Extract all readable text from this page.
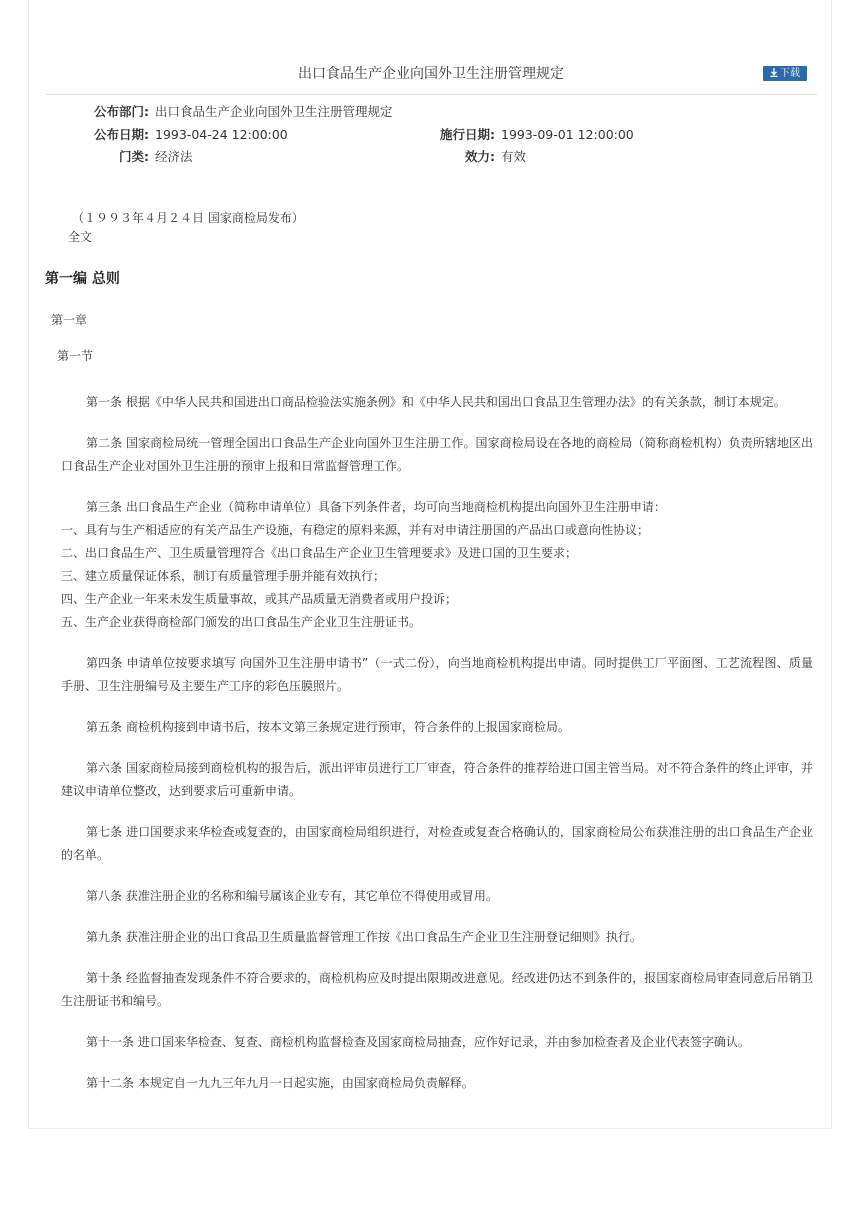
出口食品生产企业向国外卫生注册管理规定	下载
公布部门: 出口食品生产企业向国外卫生注册管理规定
公布日期: 1993-04-24 12:00:00	施行日期: 1993-09-01 12:00:00
门类: 经济法	效力: 有效
（１９９３年４月２４日 国家商检局发布）
全文
第一编 总则
第一章
第一节
第一条 根据《中华人民共和国进出口商品检验法实施条例》和《中华人民共和国出口食品卫生管理办法》的有关条款，制订本规定。
第二条 国家商检局统一管理全国出口食品生产企业向国外卫生注册工作。国家商检局设在各地的商检局（简称商检机构）负责所辖地区出口食品生产企业对国外卫生注册的预审上报和日常监督管理工作。
第三条 出口食品生产企业（简称申请单位）具备下列条件者，均可向当地商检机构提出向国外卫生注册申请：
一、具有与生产相适应的有关产品生产设施，有稳定的原料来源，并有对申请注册国的产品出口或意向性协议；
二、出口食品生产、卫生质量管理符合《出口食品生产企业卫生管理要求》及进口国的卫生要求；
三、建立质量保证体系，制订有质量管理手册并能有效执行；
四、生产企业一年来未发生质量事故，或其产品质量无消费者或用户投诉；
五、生产企业获得商检部门颁发的出口食品生产企业卫生注册证书。
第四条 申请单位按要求填写 向国外卫生注册申请书”（一式二份），向当地商检机构提出申请。同时提供工厂平面图、工艺流程图、质量手册、卫生注册编号及主要生产工序的彩色压膜照片。
第五条 商检机构接到申请书后，按本文第三条规定进行预审，符合条件的上报国家商检局。
第六条 国家商检局接到商检机构的报告后，派出评审员进行工厂审查，符合条件的推荐给进口国主管当局。对不符合条件的终止评审，并建议申请单位整改，达到要求后可重新申请。
第七条 进口国要求来华检查或复查的，由国家商检局组织进行，对检查或复查合格确认的，国家商检局公布获准注册的出口食品生产企业的名单。
第八条 获准注册企业的名称和编号属该企业专有，其它单位不得使用或冒用。
第九条 获准注册企业的出口食品卫生质量监督管理工作按《出口食品生产企业卫生注册登记细则》执行。
第十条 经监督抽查发现条件不符合要求的，商检机构应及时提出限期改进意见。经改进仍达不到条件的，报国家商检局审查同意后吊销卫生注册证书和编号。
第十一条 进口国来华检查、复查、商检机构监督检查及国家商检局抽查，应作好记录，并由参加检查者及企业代表签字确认。
第十二条 本规定自一九九三年九月一日起实施，由国家商检局负责解释。
